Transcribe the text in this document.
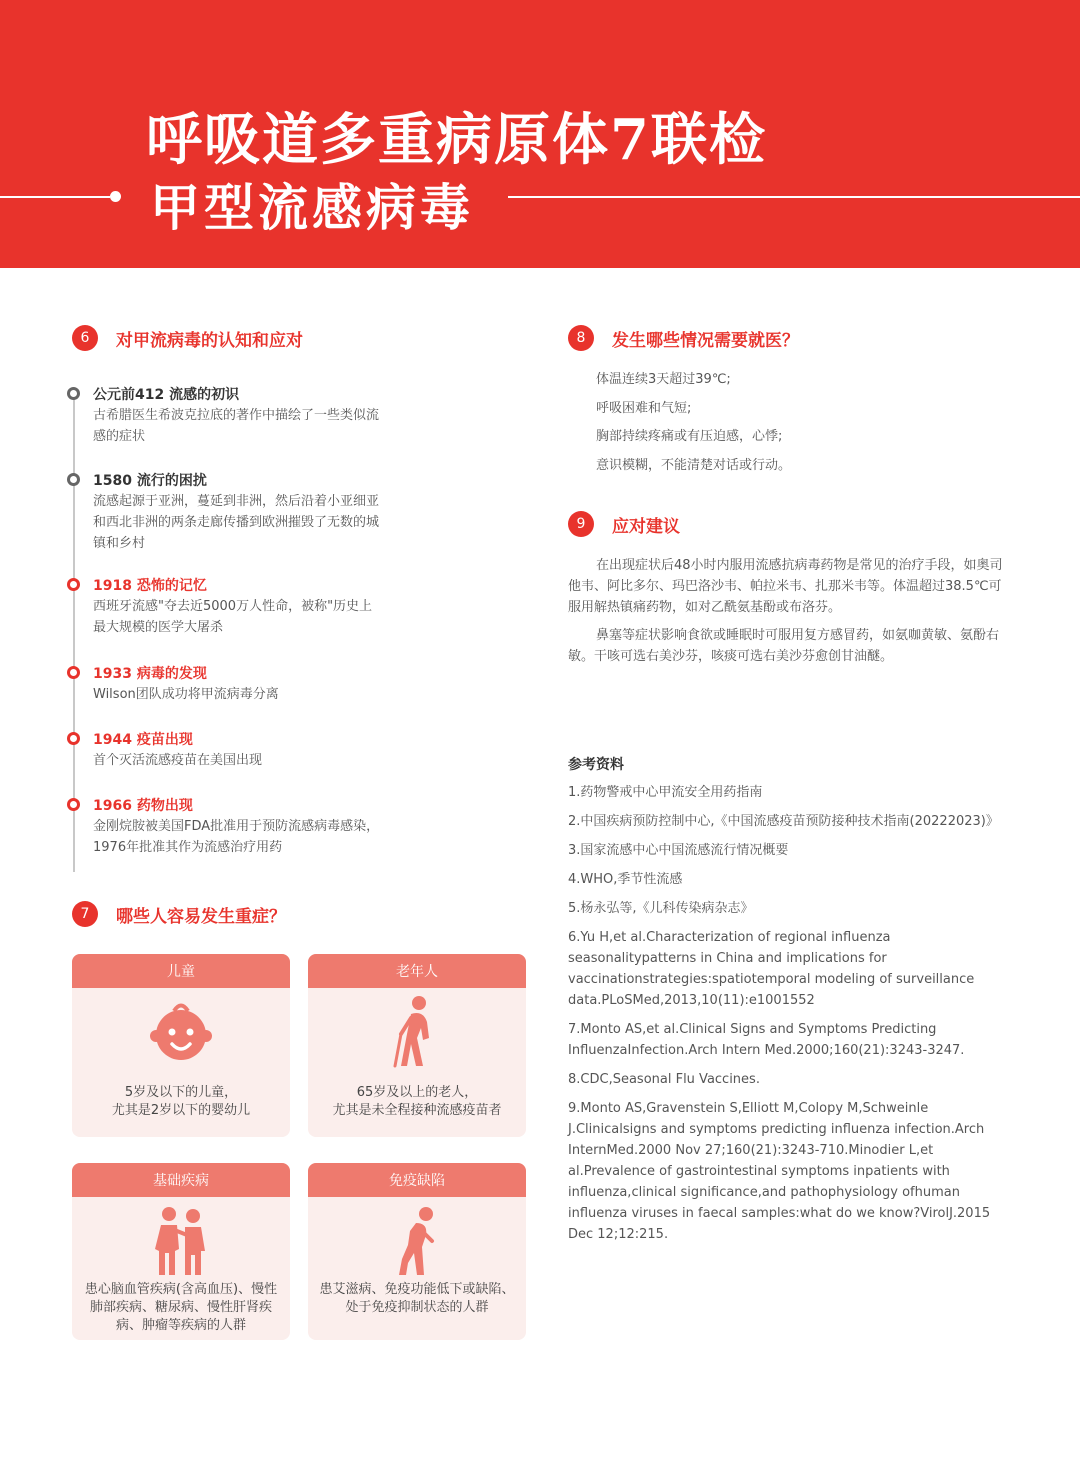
呼吸道多重病原体7联检
甲型流感病毒
6	对甲流病毒的认知和应对
公元前412 流感的初识
古希腊医生希波克拉底的著作中描绘了一些类似流感的症状
1580 流行的困扰
流感起源于亚洲，蔓延到非洲，然后沿着小亚细亚和西北非洲的两条走廊传播到欧洲摧毁了无数的城镇和乡村
1918 恐怖的记忆
西班牙流感"夺去近5000万人性命，被称"历史上最大规模的医学大屠杀
1933 病毒的发现
Wilson团队成功将甲流病毒分离
1944 疫苗出现
首个灭活流感疫苗在美国出现
1966 药物出现
金刚烷胺被美国FDA批准用于预防流感病毒感染，1976年批准其作为流感治疗用药
7	哪些人容易发生重症？
儿童
5岁及以下的儿童，
尤其是2岁以下的婴幼儿
老年人
65岁及以上的老人，
尤其是未全程接种流感疫苗者
基础疾病
患心脑血管疾病(含高血压)、慢性肺部疾病、糖尿病、慢性肝肾疾病、肿瘤等疾病的人群
免疫缺陷
患艾滋病、免疫功能低下或缺陷、
处于免疫抑制状态的人群
8	发生哪些情况需要就医？
体温连续3天超过39℃;
呼吸困难和气短;
胸部持续疼痛或有压迫感，心悸;
意识模糊，不能清楚对话或行动。
9	应对建议
在出现症状后48小时内服用流感抗病毒药物是常见的治疗手段，如奥司他韦、阿比多尔、玛巴洛沙韦、帕拉米韦、扎那米韦等。体温超过38.5℃可服用解热镇痛药物，如对乙酰氨基酚或布洛芬。
鼻塞等症状影响食欲或睡眠时可服用复方感冒药，如氨咖黄敏、氨酚右敏。干咳可选右美沙芬，咳痰可选右美沙芬愈创甘油醚。
参考资料
1.药物警戒中心甲流安全用药指南
2.中国疾病预防控制中心,《中国流感疫苗预防接种技术指南(20222023)》
3.国家流感中心中国流感流行情况概要
4.WHO,季节性流感
5.杨永弘等,《儿科传染病杂志》
6.Yu H,et al.Characterization of regional influenza seasonalitypatterns in China and implications for vaccinationstrategies:spatiotemporal modeling of surveillance data.PLoSMed,2013,10(11):e1001552
7.Monto AS,et al.Clinical Signs and Symptoms Predicting InfluenzaInfection.Arch Intern Med.2000;160(21):3243-3247.
8.CDC,Seasonal Flu Vaccines.
9.Monto AS,Gravenstein S,Elliott M,Colopy M,Schweinle J.Clinicalsigns and symptoms predicting influenza infection.Arch InternMed.2000 Nov 27;160(21):3243-710.Minodier L,et al.Prevalence of gastrointestinal symptoms inpatients with influenza,clinical significance,and pathophysiology ofhuman influenza viruses in faecal samples:what do we know?VirolJ.2015 Dec 12;12:215.
